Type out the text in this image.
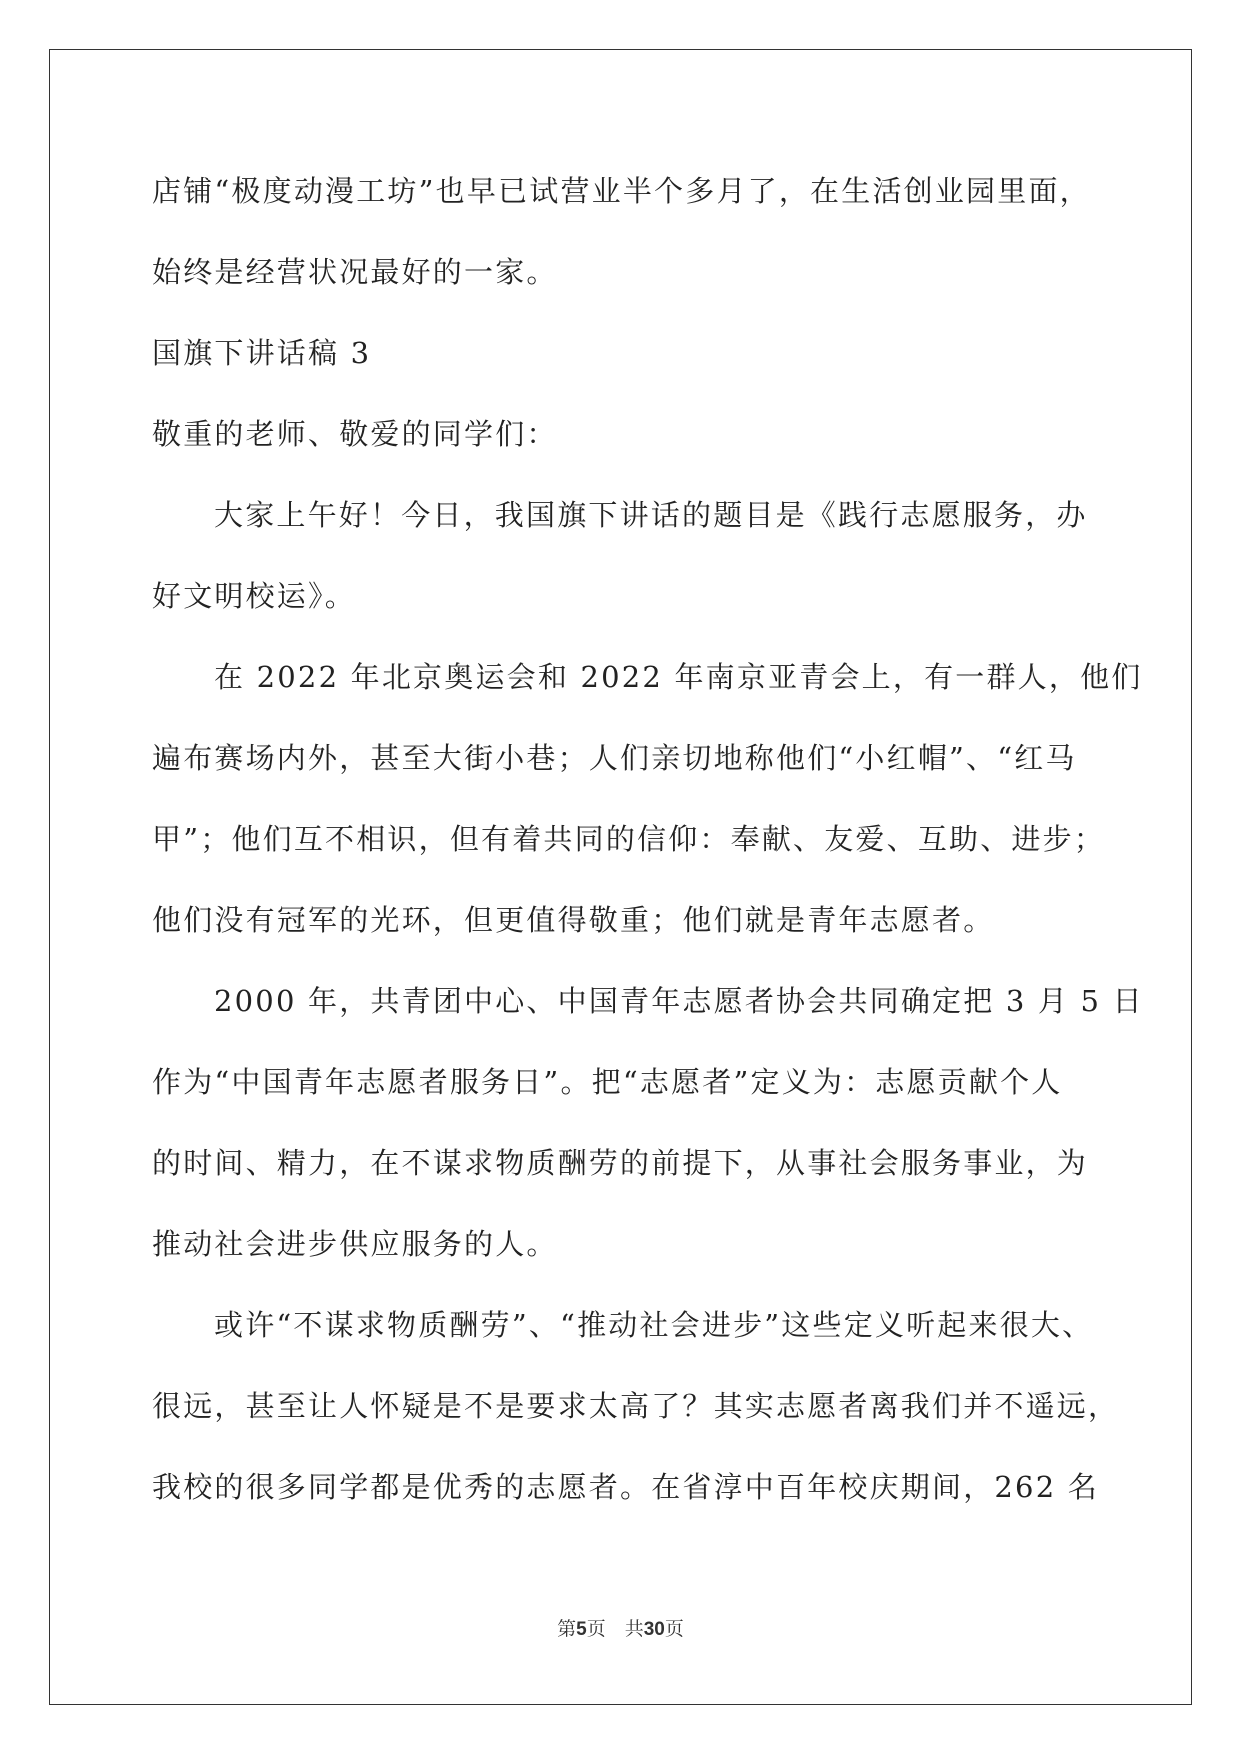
店铺“极度动漫工坊”也早已试营业半个多月了，在生活创业园里面，
始终是经营状况最好的一家。
国旗下讲话稿 3
敬重的老师、敬爱的同学们：
大家上午好！今日，我国旗下讲话的题目是《践行志愿服务，办
好文明校运》。
在 2022 年北京奥运会和 2022 年南京亚青会上，有一群人，他们
遍布赛场内外，甚至大街小巷；人们亲切地称他们“小红帽”、“红马
甲”；他们互不相识，但有着共同的信仰：奉献、友爱、互助、进步；
他们没有冠军的光环，但更值得敬重；他们就是青年志愿者。
2000 年，共青团中心、中国青年志愿者协会共同确定把 3 月 5 日
作为“中国青年志愿者服务日”。把“志愿者”定义为：志愿贡献个人
的时间、精力，在不谋求物质酬劳的前提下，从事社会服务事业，为
推动社会进步供应服务的人。
或许“不谋求物质酬劳”、“推动社会进步”这些定义听起来很大、
很远，甚至让人怀疑是不是要求太高了？其实志愿者离我们并不遥远，
我校的很多同学都是优秀的志愿者。在省淳中百年校庆期间，262 名
第5页　共30页
